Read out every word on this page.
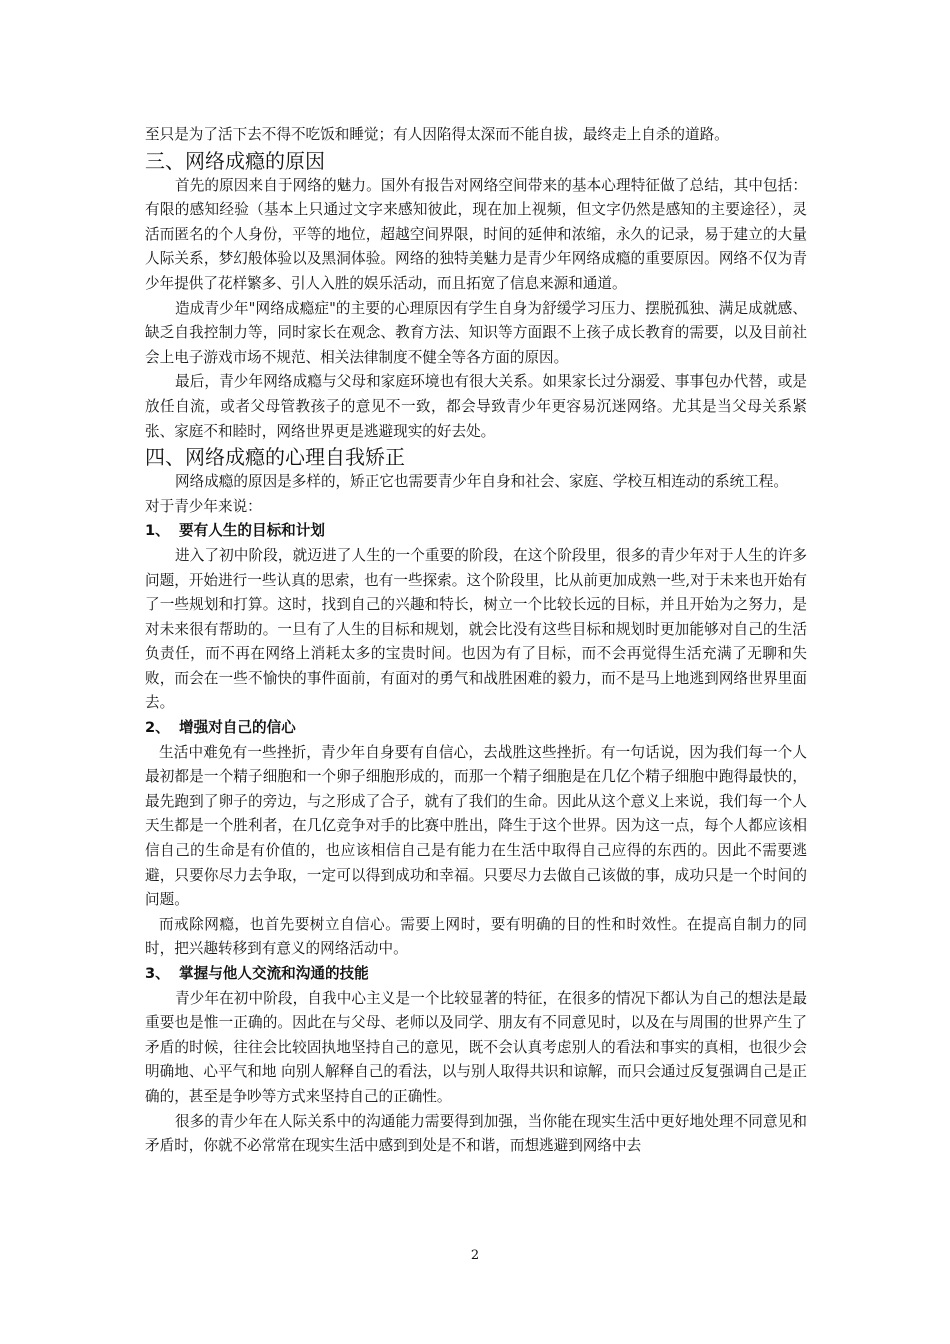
至只是为了活下去不得不吃饭和睡觉；有人因陷得太深而不能自拔，最终走上自杀的道路。

三、网络成瘾的原因

首先的原因来自于网络的魅力。国外有报告对网络空间带来的基本心理特征做了总结，其中包括：有限的感知经验（基本上只通过文字来感知彼此，现在加上视频，但文字仍然是感知的主要途径），灵活而匿名的个人身份，平等的地位，超越空间界限，时间的延伸和浓缩，永久的记录，易于建立的大量人际关系，梦幻般体验以及黑洞体验。网络的独特美魅力是青少年网络成瘾的重要原因。网络不仅为青少年提供了花样繁多、引人入胜的娱乐活动，而且拓宽了信息来源和通道。

造成青少年"网络成瘾症"的主要的心理原因有学生自身为舒缓学习压力、摆脱孤独、满足成就感、缺乏自我控制力等，同时家长在观念、教育方法、知识等方面跟不上孩子成长教育的需要，以及目前社会上电子游戏市场不规范、相关法律制度不健全等各方面的原因。

最后，青少年网络成瘾与父母和家庭环境也有很大关系。如果家长过分溺爱、事事包办代替，或是放任自流，或者父母管教孩子的意见不一致，都会导致青少年更容易沉迷网络。尤其是当父母关系紧张、家庭不和睦时，网络世界更是逃避现实的好去处。

四、网络成瘾的心理自我矫正

网络成瘾的原因是多样的，矫正它也需要青少年自身和社会、家庭、学校互相连动的系统工程。

对于青少年来说：

1、 要有人生的目标和计划

进入了初中阶段，就迈进了人生的一个重要的阶段，在这个阶段里，很多的青少年对于人生的许多问题，开始进行一些认真的思索，也有一些探索。这个阶段里，比从前更加成熟一些,对于未来也开始有了一些规划和打算。这时，找到自己的兴趣和特长，树立一个比较长远的目标，并且开始为之努力，是对未来很有帮助的。一旦有了人生的目标和规划，就会比没有这些目标和规划时更加能够对自己的生活负责任，而不再在网络上消耗太多的宝贵时间。也因为有了目标，而不会再觉得生活充满了无聊和失败，而会在一些不愉快的事件面前，有面对的勇气和战胜困难的毅力，而不是马上地逃到网络世界里面去。

2、 增强对自己的信心

生活中难免有一些挫折，青少年自身要有自信心，去战胜这些挫折。有一句话说，因为我们每一个人最初都是一个精子细胞和一个卵子细胞形成的，而那一个精子细胞是在几亿个精子细胞中跑得最快的，最先跑到了卵子的旁边，与之形成了合子，就有了我们的生命。因此从这个意义上来说，我们每一个人天生都是一个胜利者，在几亿竞争对手的比赛中胜出，降生于这个世界。因为这一点，每个人都应该相信自己的生命是有价值的，也应该相信自己是有能力在生活中取得自己应得的东西的。因此不需要逃避，只要你尽力去争取，一定可以得到成功和幸福。只要尽力去做自己该做的事，成功只是一个时间的问题。

而戒除网瘾，也首先要树立自信心。需要上网时，要有明确的目的性和时效性。在提高自制力的同时，把兴趣转移到有意义的网络活动中。

3、 掌握与他人交流和沟通的技能

青少年在初中阶段，自我中心主义是一个比较显著的特征，在很多的情况下都认为自己的想法是最重要也是惟一正确的。因此在与父母、老师以及同学、朋友有不同意见时，以及在与周围的世界产生了矛盾的时候，往往会比较固执地坚持自己的意见，既不会认真考虑别人的看法和事实的真相，也很少会 明确地、心平气和地 向别人解释自己的看法，以与别人取得共识和谅解，而只会通过反复强调自己是正确的，甚至是争吵等方式来坚持自己的正确性。

很多的青少年在人际关系中的沟通能力需要得到加强，当你能在现实生活中更好地处理不同意见和矛盾时，你就不必常常在现实生活中感到到处是不和谐，而想逃避到网络中去

2
